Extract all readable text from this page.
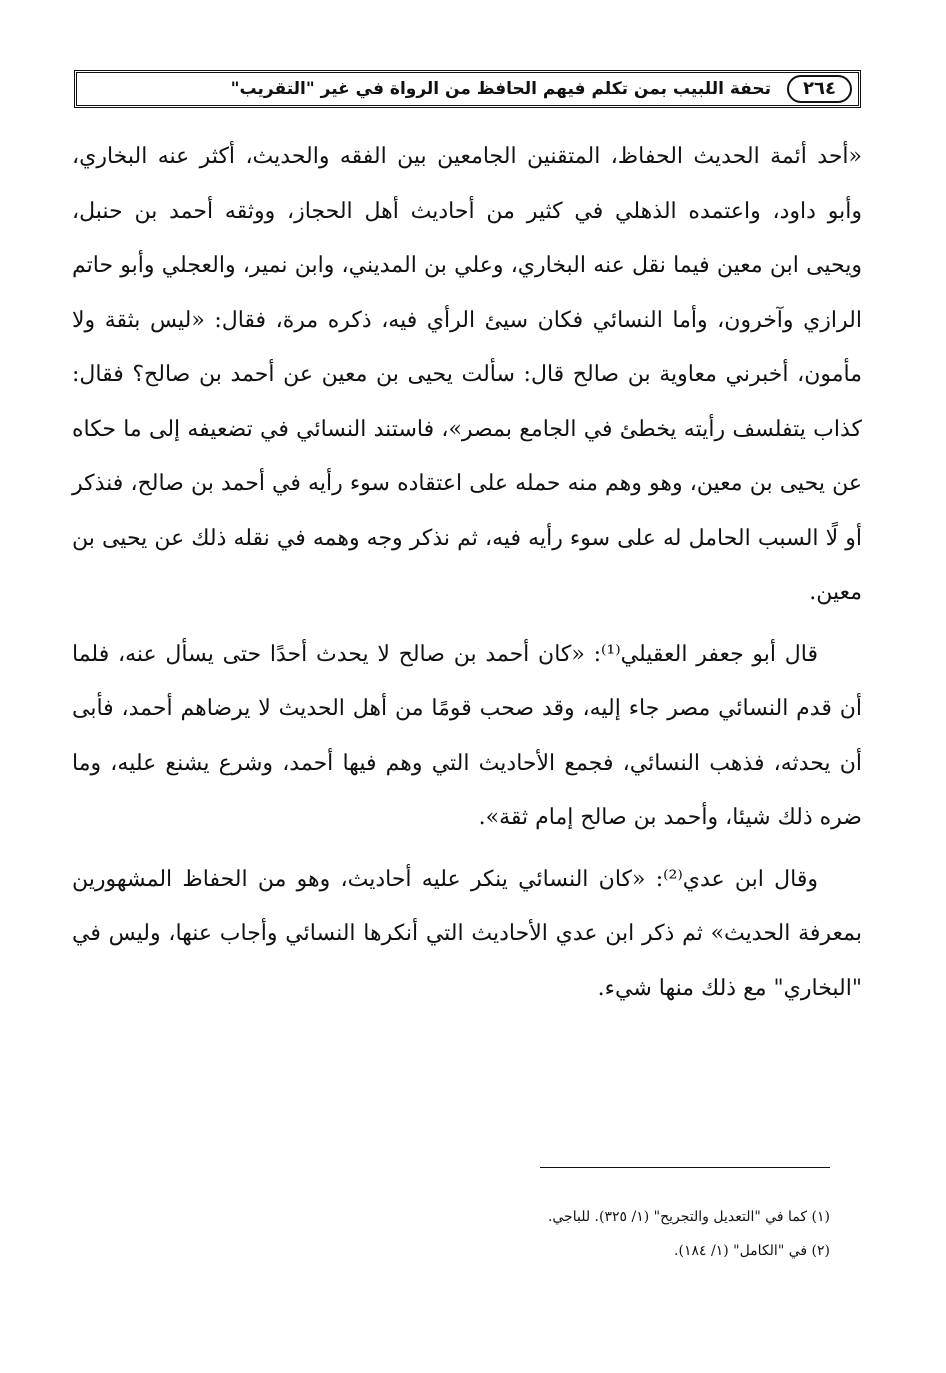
٢٦٤
تحفة اللبيب بمن تكلم فيهم الحافظ من الرواة في غير "التقريب"

«أحد أئمة الحديث الحفاظ، المتقنين الجامعين بين الفقه والحديث، أكثر عنه البخاري، وأبو داود، واعتمده الذهلي في كثير من أحاديث أهل الحجاز، ووثقه أحمد بن حنبل، ويحيى ابن معين فيما نقل عنه البخاري، وعلي بن المديني، وابن نمير، والعجلي وأبو حاتم الرازي وآخرون، وأما النسائي فكان سيئ الرأي فيه، ذكره مرة، فقال: «ليس بثقة ولا مأمون، أخبرني معاوية بن صالح قال: سألت يحيى بن معين عن أحمد بن صالح؟ فقال: كذاب يتفلسف رأيته يخطئ في الجامع بمصر»، فاستند النسائي في تضعيفه إلى ما حكاه عن يحيى بن معين، وهو وهم منه حمله على اعتقاده سوء رأيه في أحمد بن صالح، فنذكر أو لًا السبب الحامل له على سوء رأيه فيه، ثم نذكر وجه وهمه في نقله ذلك عن يحيى بن معين.

قال أبو جعفر العقيلي⁽¹⁾: «كان أحمد بن صالح لا يحدث أحدًا حتى يسأل عنه، فلما أن قدم النسائي مصر جاء إليه، وقد صحب قومًا من أهل الحديث لا يرضاهم أحمد، فأبى أن يحدثه، فذهب النسائي، فجمع الأحاديث التي وهم فيها أحمد، وشرع يشنع عليه، وما ضره ذلك شيئا، وأحمد بن صالح إمام ثقة».

وقال ابن عدي⁽²⁾: «كان النسائي ينكر عليه أحاديث، وهو من الحفاظ المشهورين بمعرفة الحديث» ثم ذكر ابن عدي الأحاديث التي أنكرها النسائي وأجاب عنها، وليس في "البخاري" مع ذلك منها شيء.

(١) كما في "التعديل والتجريح" (١/ ٣٢٥). للباجي.
(٢) في "الكامل" (١/ ١٨٤).
